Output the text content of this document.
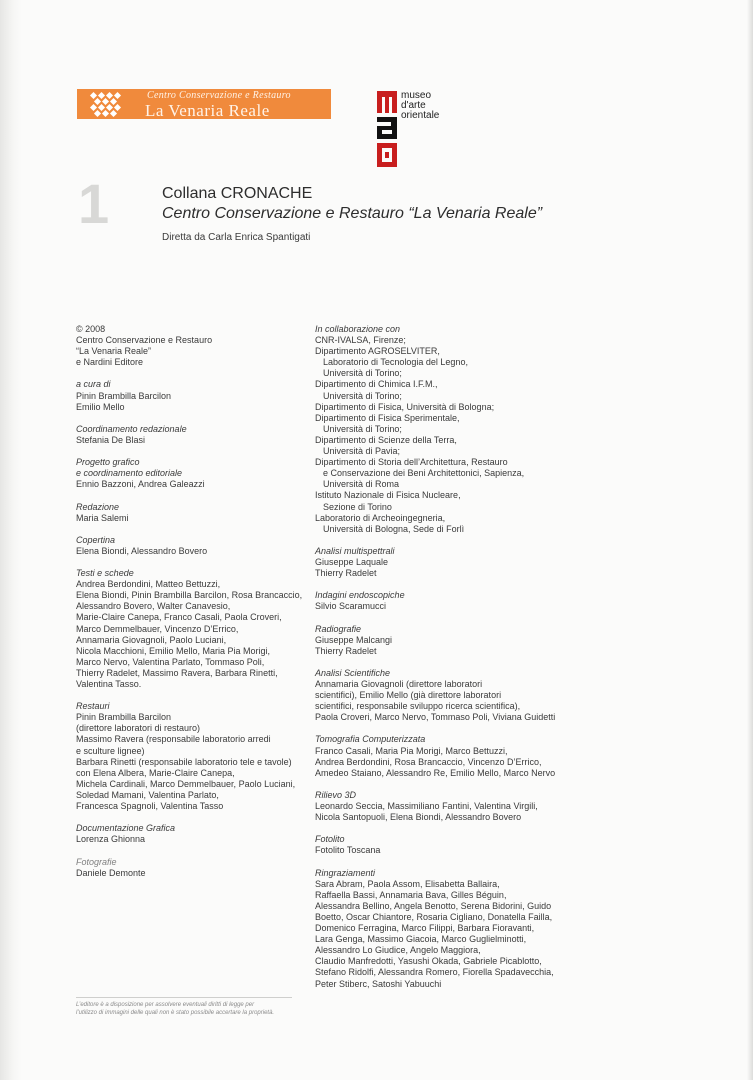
Centro Conservazione e Restauro
La Venaria Reale
museo
d'arte
orientale
1	Collana CRONACHE
Centro Conservazione e Restauro “La Venaria Reale”
Diretta da Carla Enrica Spantigati
© 2008
Centro Conservazione e Restauro
“La Venaria Reale”
e Nardini Editore
a cura di
Pinin Brambilla Barcilon
Emilio Mello
Coordinamento redazionale
Stefania De Blasi
Progetto grafico
e coordinamento editoriale
Ennio Bazzoni, Andrea Galeazzi
Redazione
Maria Salemi
Copertina
Elena Biondi, Alessandro Bovero
Testi e schede
Andrea Berdondini, Matteo Bettuzzi,
Elena Biondi, Pinin Brambilla Barcilon, Rosa Brancaccio,
Alessandro Bovero, Walter Canavesio,
Marie-Claire Canepa, Franco Casali, Paola Croveri,
Marco Demmelbauer, Vincenzo D’Errico,
Annamaria Giovagnoli, Paolo Luciani,
Nicola Macchioni, Emilio Mello, Maria Pia Morigi,
Marco Nervo, Valentina Parlato, Tommaso Poli,
Thierry Radelet, Massimo Ravera, Barbara Rinetti,
Valentina Tasso.
Restauri
Pinin Brambilla Barcilon
(direttore laboratori di restauro)
Massimo Ravera (responsabile laboratorio arredi
e sculture lignee)
Barbara Rinetti (responsabile laboratorio tele e tavole)
con Elena Albera, Marie-Claire Canepa,
Michela Cardinali, Marco Demmelbauer, Paolo Luciani,
Soledad Mamani, Valentina Parlato,
Francesca Spagnoli, Valentina Tasso
Documentazione Grafica
Lorenza Ghionna
Fotografie
Daniele Demonte
In collaborazione con
CNR-IVALSA, Firenze;
Dipartimento AGROSELVITER,
Laboratorio di Tecnologia del Legno,
Università di Torino;
Dipartimento di Chimica I.F.M.,
Università di Torino;
Dipartimento di Fisica, Università di Bologna;
Dipartimento di Fisica Sperimentale,
Università di Torino;
Dipartimento di Scienze della Terra,
Università di Pavia;
Dipartimento di Storia dell’Architettura, Restauro
e Conservazione dei Beni Architettonici, Sapienza,
Università di Roma
Istituto Nazionale di Fisica Nucleare,
Sezione di Torino
Laboratorio di Archeoingegneria,
Università di Bologna, Sede di Forlì
Analisi multispettrali
Giuseppe Laquale
Thierry Radelet
Indagini endoscopiche
Silvio Scaramucci
Radiografie
Giuseppe Malcangi
Thierry Radelet
Analisi Scientifiche
Annamaria Giovagnoli (direttore laboratori
scientifici), Emilio Mello (già direttore laboratori
scientifici, responsabile sviluppo ricerca scientifica),
Paola Croveri, Marco Nervo, Tommaso Poli, Viviana Guidetti
Tomografia Computerizzata
Franco Casali, Maria Pia Morigi, Marco Bettuzzi,
Andrea Berdondini, Rosa Brancaccio, Vincenzo D’Errico,
Amedeo Staiano, Alessandro Re, Emilio Mello, Marco Nervo
Rilievo 3D
Leonardo Seccia, Massimiliano Fantini, Valentina Virgili,
Nicola Santopuoli, Elena Biondi, Alessandro Bovero
Fotolito
Fotolito Toscana
Ringraziamenti
Sara Abram, Paola Assom, Elisabetta Ballaira,
Raffaella Bassi, Annamaria Bava, Gilles Béguin,
Alessandra Bellino, Angela Benotto, Serena Bidorini, Guido
Boetto, Oscar Chiantore, Rosaria Cigliano, Donatella Failla,
Domenico Ferragina, Marco Filippi, Barbara Fioravanti,
Lara Genga, Massimo Giacoia, Marco Guglielminotti,
Alessandro Lo Giudice, Angelo Maggiora,
Claudio Manfredotti, Yasushi Okada, Gabriele Picablotto,
Stefano Ridolfi, Alessandra Romero, Fiorella Spadavecchia,
Peter Stiberc, Satoshi Yabuuchi
L’editore è a disposizione per assolvere eventuali diritti di legge per
l’utilizzo di immagini delle quali non è stato possibile accertare la proprietà.
